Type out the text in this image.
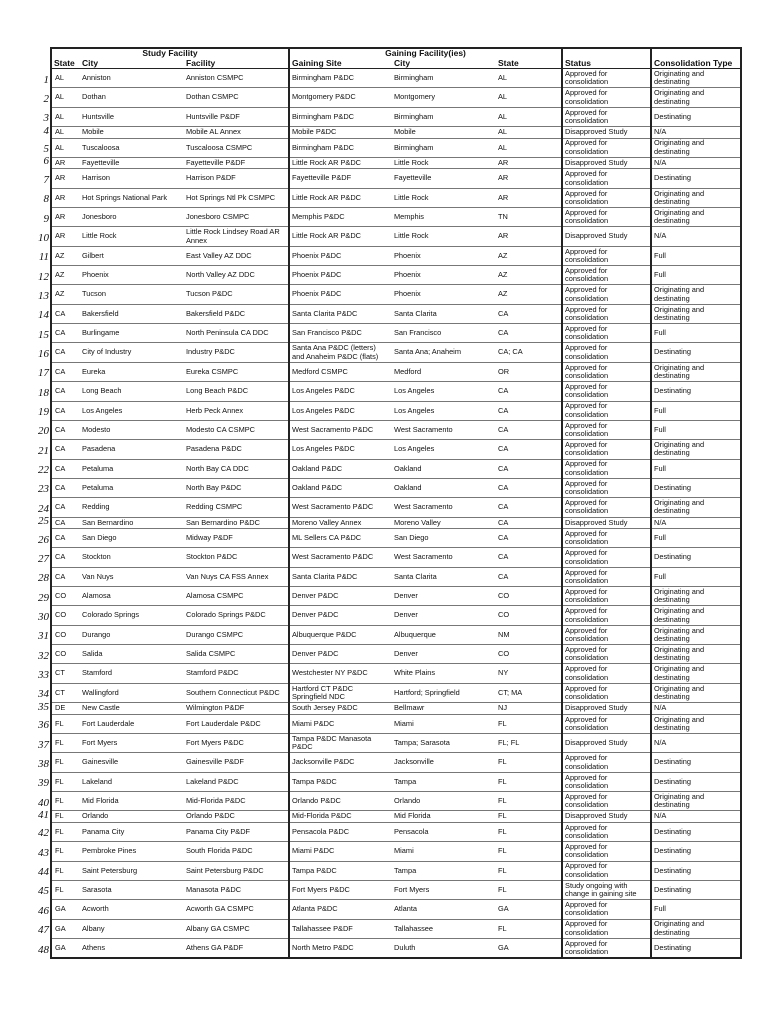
Study Facility			Gaining Facility(ies)				
State	City	Facility	Gaining Site	City	State	Status	Consolidation Type
AL	Anniston	Anniston CSMPC	Birmingham P&DC	Birmingham	AL	Approved for consolidation	Originating and destinating
AL	Dothan	Dothan CSMPC	Montgomery P&DC	Montgomery	AL	Approved for consolidation	Originating and destinating
AL	Huntsville	Huntsville P&DF	Birmingham P&DC	Birmingham	AL	Approved for consolidation	Destinating
AL	Mobile	Mobile AL Annex	Mobile P&DC	Mobile	AL	Disapproved Study	N/A
AL	Tuscaloosa	Tuscaloosa CSMPC	Birmingham P&DC	Birmingham	AL	Approved for consolidation	Originating and destinating
AR	Fayetteville	Fayetteville P&DF	Little Rock AR P&DC	Little Rock	AR	Disapproved Study	N/A
AR	Harrison	Harrison P&DF	Fayetteville P&DF	Fayetteville	AR	Approved for consolidation	Destinating
AR	Hot Springs National Park	Hot Springs Ntl Pk CSMPC	Little Rock AR P&DC	Little Rock	AR	Approved for consolidation	Originating and destinating
AR	Jonesboro	Jonesboro CSMPC	Memphis P&DC	Memphis	TN	Approved for consolidation	Originating and destinating
AR	Little Rock	Little Rock Lindsey Road AR Annex	Little Rock AR P&DC	Little Rock	AR	Disapproved Study	N/A
AZ	Gilbert	East Valley AZ DDC	Phoenix P&DC	Phoenix	AZ	Approved for consolidation	Full
AZ	Phoenix	North Valley AZ DDC	Phoenix P&DC	Phoenix	AZ	Approved for consolidation	Full
AZ	Tucson	Tucson P&DC	Phoenix P&DC	Phoenix	AZ	Approved for consolidation	Originating and destinating
CA	Bakersfield	Bakersfield P&DC	Santa Clarita P&DC	Santa Clarita	CA	Approved for consolidation	Originating and destinating
CA	Burlingame	North Peninsula CA DDC	San Francisco P&DC	San Francisco	CA	Approved for consolidation	Full
CA	City of Industry	Industry P&DC	Santa Ana P&DC (letters) and Anaheim P&DC (flats)	Santa Ana; Anaheim	CA; CA	Approved for consolidation	Destinating
CA	Eureka	Eureka CSMPC	Medford CSMPC	Medford	OR	Approved for consolidation	Originating and destinating
CA	Long Beach	Long Beach P&DC	Los Angeles P&DC	Los Angeles	CA	Approved for consolidation	Destinating
CA	Los Angeles	Herb Peck Annex	Los Angeles P&DC	Los Angeles	CA	Approved for consolidation	Full
CA	Modesto	Modesto CA CSMPC	West Sacramento P&DC	West Sacramento	CA	Approved for consolidation	Full
CA	Pasadena	Pasadena P&DC	Los Angeles P&DC	Los Angeles	CA	Approved for consolidation	Originating and destinating
CA	Petaluma	North Bay CA DDC	Oakland P&DC	Oakland	CA	Approved for consolidation	Full
CA	Petaluma	North Bay P&DC	Oakland P&DC	Oakland	CA	Approved for consolidation	Destinating
CA	Redding	Redding CSMPC	West Sacramento P&DC	West Sacramento	CA	Approved for consolidation	Originating and destinating
CA	San Bernardino	San Bernardino P&DC	Moreno Valley Annex	Moreno Valley	CA	Disapproved Study	N/A
CA	San Diego	Midway P&DF	ML Sellers CA P&DC	San Diego	CA	Approved for consolidation	Full
CA	Stockton	Stockton P&DC	West Sacramento P&DC	West Sacramento	CA	Approved for consolidation	Destinating
CA	Van Nuys	Van Nuys CA FSS Annex	Santa Clarita P&DC	Santa Clarita	CA	Approved for consolidation	Full
CO	Alamosa	Alamosa CSMPC	Denver P&DC	Denver	CO	Approved for consolidation	Originating and destinating
CO	Colorado Springs	Colorado Springs P&DC	Denver P&DC	Denver	CO	Approved for consolidation	Originating and destinating
CO	Durango	Durango CSMPC	Albuquerque P&DC	Albuquerque	NM	Approved for consolidation	Originating and destinating
CO	Salida	Salida CSMPC	Denver P&DC	Denver	CO	Approved for consolidation	Originating and destinating
CT	Stamford	Stamford P&DC	Westchester NY P&DC	White Plains	NY	Approved for consolidation	Originating and destinating
CT	Wallingford	Southern Connecticut P&DC	Hartford CT P&DC Springfield NDC	Hartford; Springfield	CT; MA	Approved for consolidation	Originating and destinating
DE	New Castle	Wilmington P&DF	South Jersey P&DC	Bellmawr	NJ	Disapproved Study	N/A
FL	Fort Lauderdale	Fort Lauderdale P&DC	Miami P&DC	Miami	FL	Approved for consolidation	Originating and destinating
FL	Fort Myers	Fort Myers P&DC	Tampa P&DC Manasota P&DC	Tampa; Sarasota	FL; FL	Disapproved Study	N/A
FL	Gainesville	Gainesville P&DF	Jacksonville P&DC	Jacksonville	FL	Approved for consolidation	Destinating
FL	Lakeland	Lakeland P&DC	Tampa P&DC	Tampa	FL	Approved for consolidation	Destinating
FL	Mid Florida	Mid-Florida P&DC	Orlando P&DC	Orlando	FL	Approved for consolidation	Originating and destinating
FL	Orlando	Orlando P&DC	Mid-Florida P&DC	Mid Florida	FL	Disapproved Study	N/A
FL	Panama City	Panama City P&DF	Pensacola P&DC	Pensacola	FL	Approved for consolidation	Destinating
FL	Pembroke Pines	South Florida P&DC	Miami P&DC	Miami	FL	Approved for consolidation	Destinating
FL	Saint Petersburg	Saint Petersburg P&DC	Tampa P&DC	Tampa	FL	Approved for consolidation	Destinating
FL	Sarasota	Manasota P&DC	Fort Myers P&DC	Fort Myers	FL	Study ongoing with change in gaining site	Destinating
GA	Acworth	Acworth GA CSMPC	Atlanta P&DC	Atlanta	GA	Approved for consolidation	Full
GA	Albany	Albany GA CSMPC	Tallahassee P&DF	Tallahassee	FL	Approved for consolidation	Originating and destinating
GA	Athens	Athens GA P&DF	North Metro P&DC	Duluth	GA	Approved for consolidation	Destinating
1
2
3
4
5
6
7
8
9
10
11
12
13
14
15
16
17
18
19
20
21
22
23
24
25
26
27
28
29
30
31
32
33
34
35
36
37
38
39
40
41
42
43
44
45
46
47
48
